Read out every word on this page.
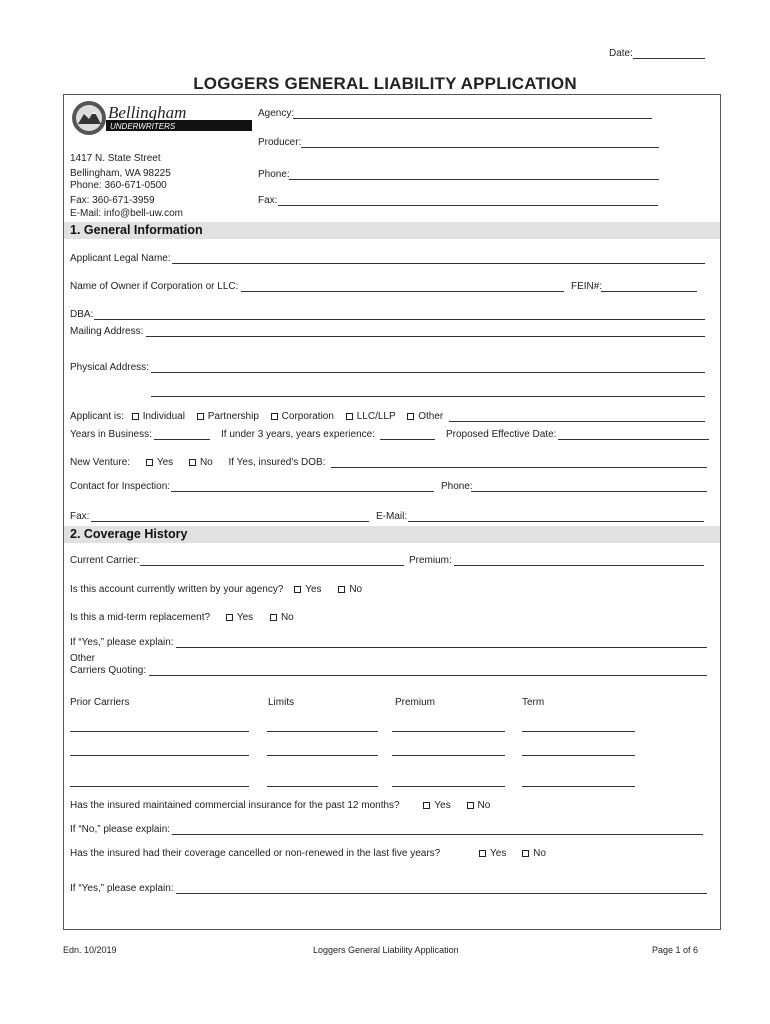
Date:
LOGGERS GENERAL LIABILITY APPLICATION
UNDERWRITERS
Bellingham
1417 N. State Street
Bellingham, WA 98225
Phone: 360-671-0500
Fax: 360-671-3959
E-Mail: info@bell-uw.com
Agency:
Producer:
Phone:
Fax:
1. General Information
Applicant Legal Name:
Name of Owner if Corporation or LLC:	FEIN#:
DBA:
Mailing Address:
Physical Address:
Applicant is: Individual Partnership Corporation LLC/LLP Other
Years in Business:	If under 3 years, years experience:	Proposed Effective Date:
New Venture:	Yes	No If Yes, insured's DOB:
Contact for Inspection:	Phone:
Fax:	E-Mail:
2. Coverage History
Current Carrier:	Premium:
Is this account currently written by your agency? Yes	No
Is this a mid-term replacement?	Yes	No
If “Yes,” please explain:
Other
Carriers Quoting:
Prior Carriers	Limits	Premium	Term
Has the insured maintained commercial insurance for the past 12 months?	Yes	No
If “No,” please explain:
Has the insured had their coverage cancelled or non-renewed in the last five years?	Yes	No
If “Yes,” please explain:
Edn. 10/2019	Loggers General Liability Application	Page 1 of 6
